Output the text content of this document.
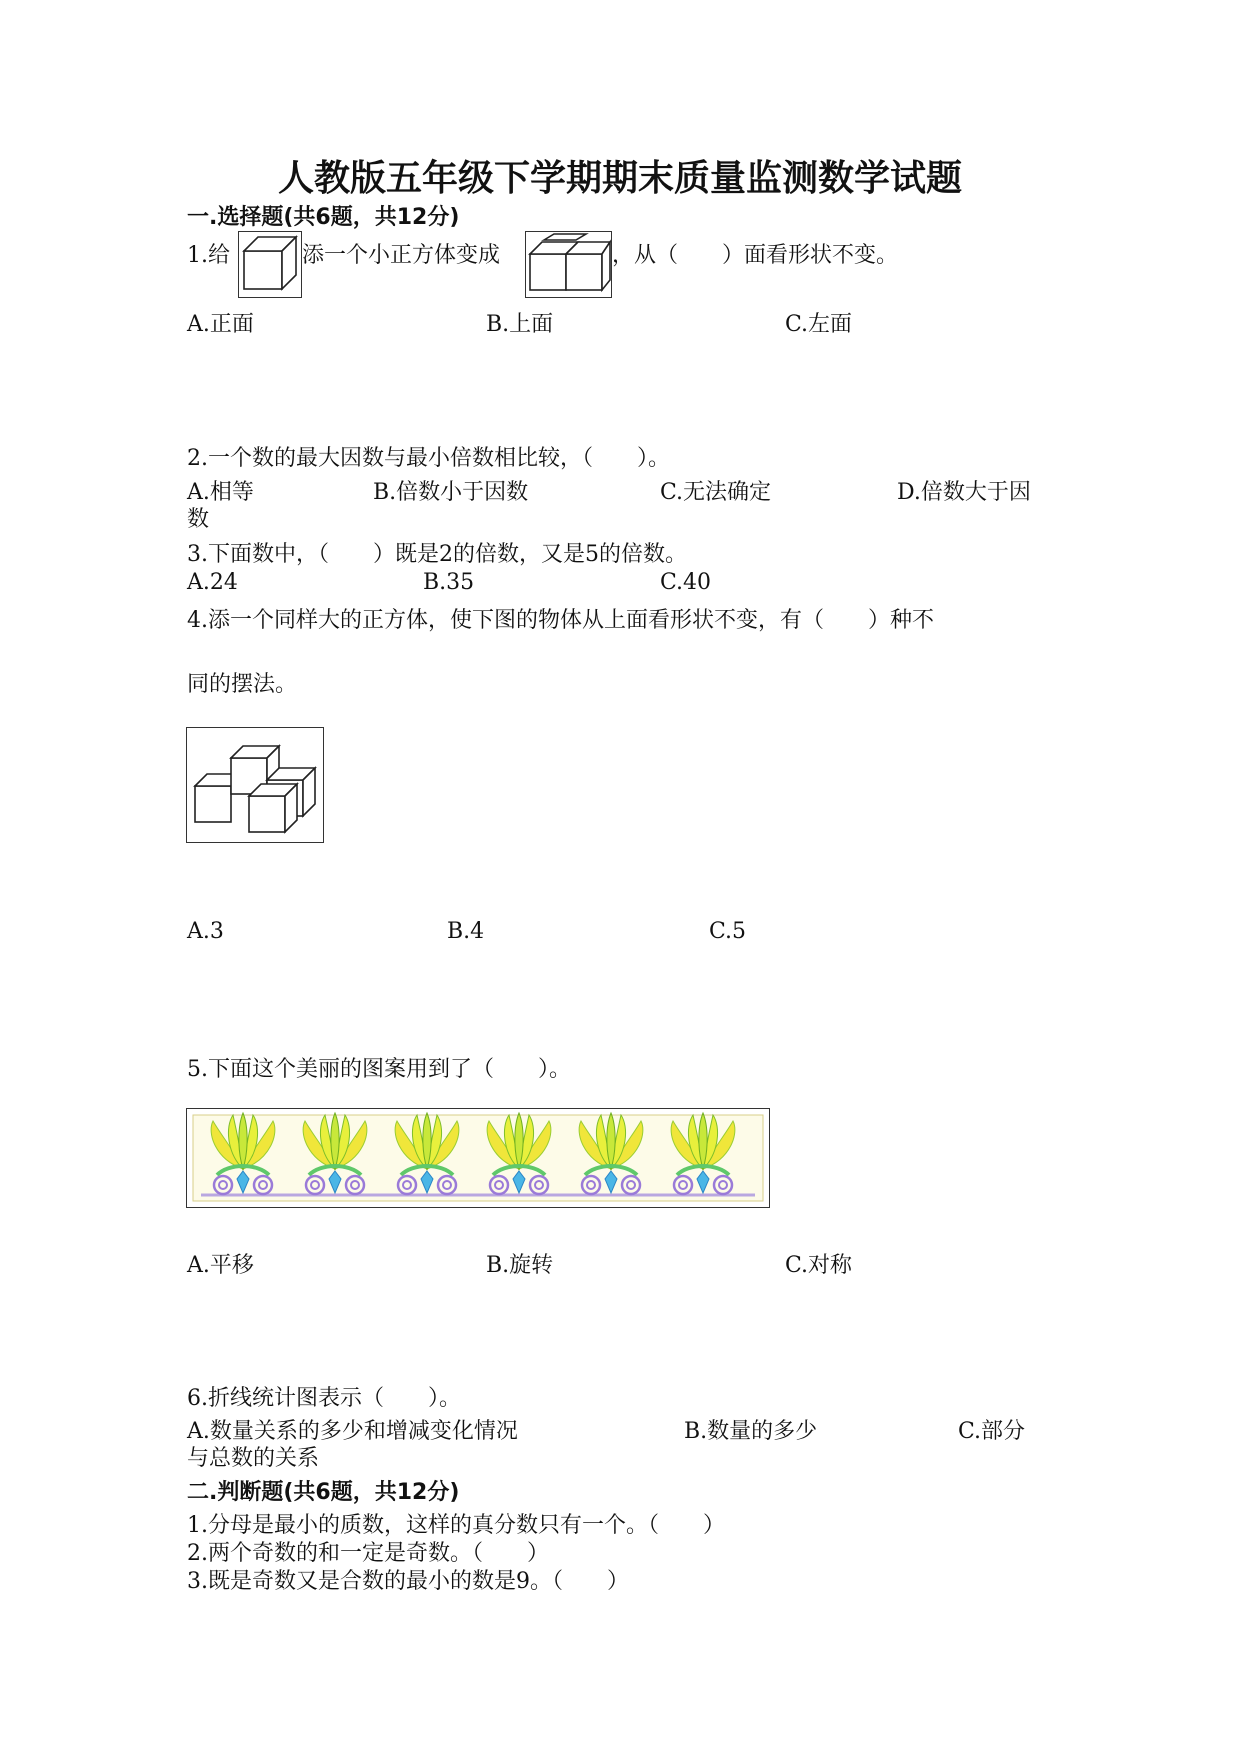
人教版五年级下学期期末质量监测数学试题
一.选择题(共6题，共12分)
1.给	添一个小正方体变成	，从（　　）面看形状不变。
A.正面	B.上面	C.左面
2.一个数的最大因数与最小倍数相比较，（　　）。
A.相等	B.倍数小于因数	C.无法确定	D.倍数大于因
数
3.下面数中，（　　）既是2的倍数，又是5的倍数。
A.24	B.35	C.40
4.添一个同样大的正方体，使下图的物体从上面看形状不变，有（　　）种不
同的摆法。
A.3	B.4	C.5
5.下面这个美丽的图案用到了（　　）。
A.平移	B.旋转	C.对称
6.折线统计图表示（　　）。
A.数量关系的多少和增减变化情况	B.数量的多少	C.部分
与总数的关系
二.判断题(共6题，共12分)
1.分母是最小的质数，这样的真分数只有一个。（　　）
2.两个奇数的和一定是奇数。（　　）
3.既是奇数又是合数的最小的数是9。（　　）
